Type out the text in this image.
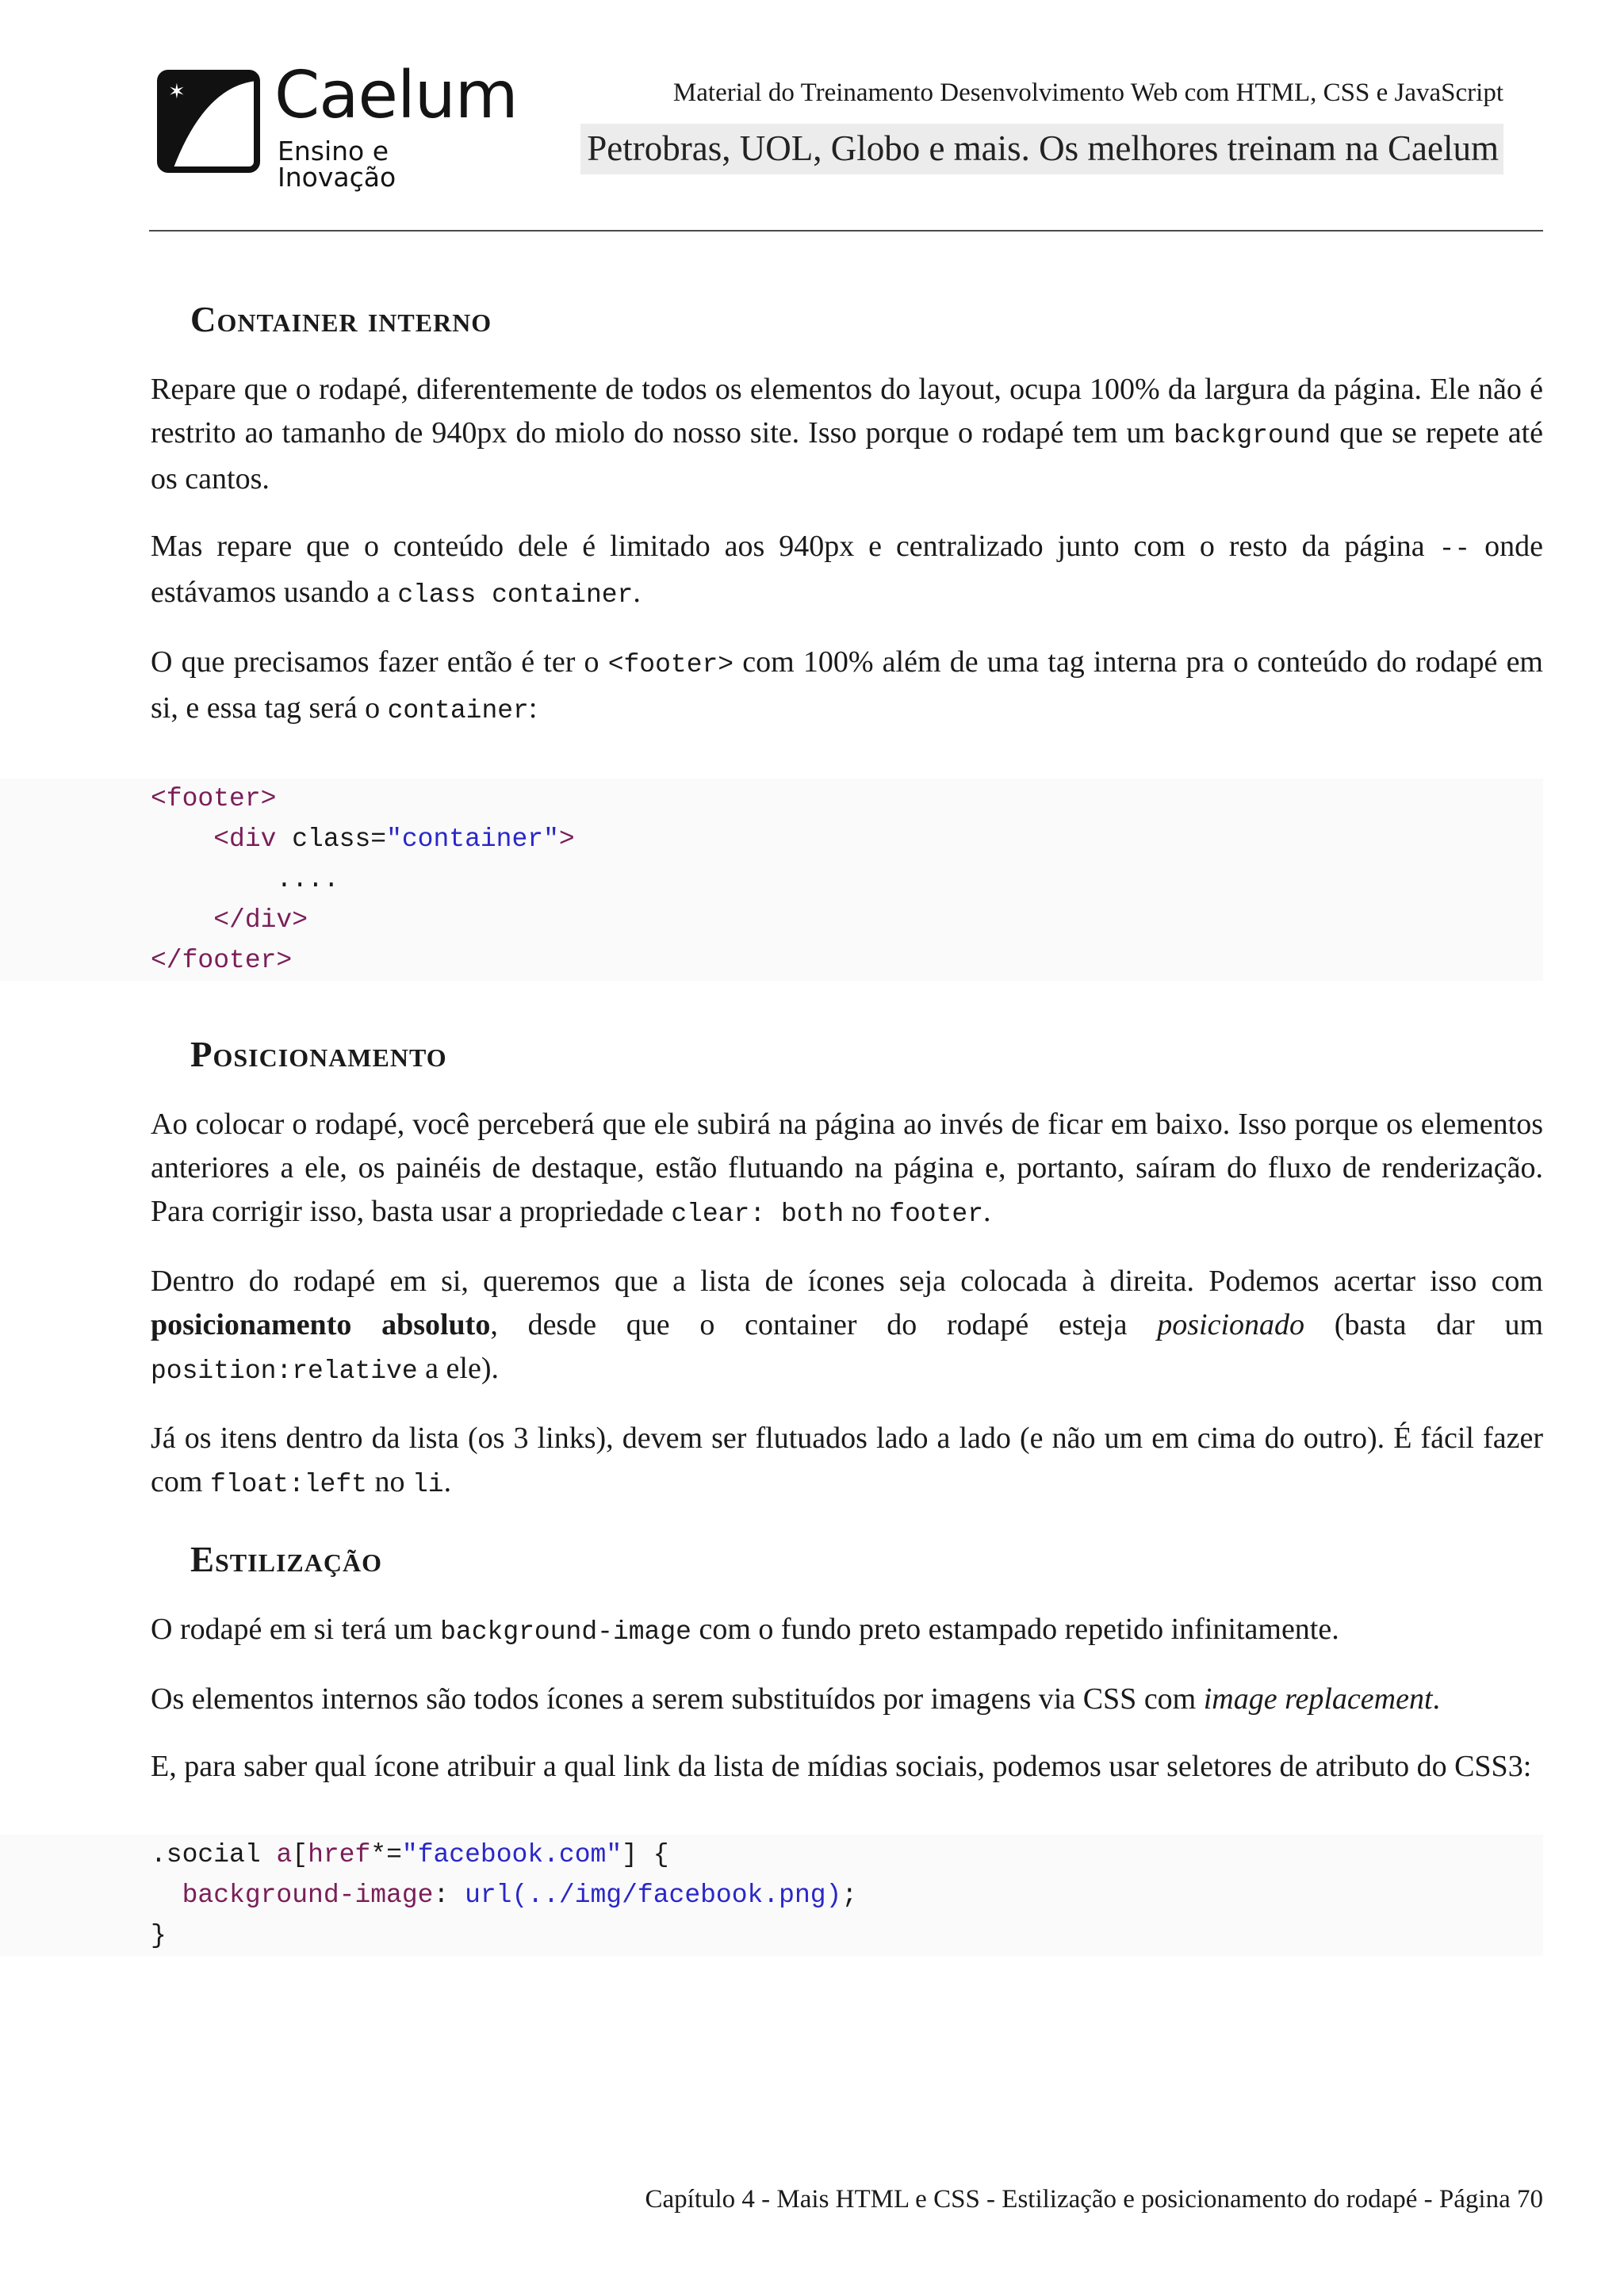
✶ Caelum
Ensino e Inovação
Material do Treinamento Desenvolvimento Web com HTML, CSS e JavaScript
Petrobras, UOL, Globo e mais. Os melhores treinam na Caelum
Container interno

Repare que o rodapé, diferentemente de todos os elementos do layout, ocupa 100% da largura da página. Ele não é restrito ao tamanho de 940px do miolo do nosso site. Isso porque o rodapé tem um background que se repete até os cantos.

Mas repare que o conteúdo dele é limitado aos 940px e centralizado junto com o resto da página -- onde estávamos usando a class container.

O que precisamos fazer então é ter o <footer> com 100% além de uma tag interna pra o conteúdo do rodapé em si, e essa tag será o container:

<footer>
<div class="container">
....
</div>
</footer>
Posicionamento

Ao colocar o rodapé, você perceberá que ele subirá na página ao invés de ficar em baixo. Isso porque os elementos anteriores a ele, os painéis de destaque, estão flutuando na página e, portanto, saíram do fluxo de renderização. Para corrigir isso, basta usar a propriedade clear: both no footer.

Dentro do rodapé em si, queremos que a lista de ícones seja colocada à direita. Podemos acertar isso com posicionamento absoluto, desde que o container do rodapé esteja posicionado (basta dar um position:relative a ele).

Já os itens dentro da lista (os 3 links), devem ser flutuados lado a lado (e não um em cima do outro). É fácil fazer com float:left no li.

Estilização

O rodapé em si terá um background-image com o fundo preto estampado repetido infinitamente.

Os elementos internos são todos ícones a serem substituídos por imagens via CSS com image replacement.

E, para saber qual ícone atribuir a qual link da lista de mídias sociais, podemos usar seletores de atributo do CSS3:

.social a[href*="facebook.com"] {
background-image: url(../img/facebook.png);
}
Capítulo 4 - Mais HTML e CSS - Estilização e posicionamento do rodapé - Página 70
